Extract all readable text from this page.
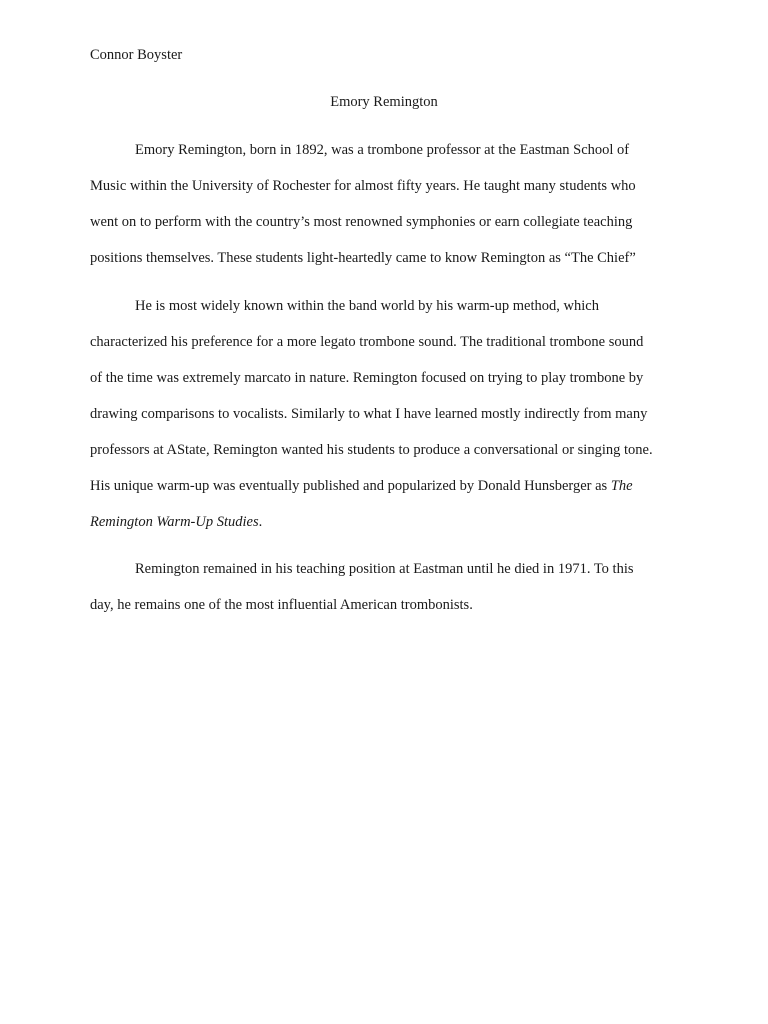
Connor Boyster
Emory Remington
Emory Remington, born in 1892, was a trombone professor at the Eastman School of
Music within the University of Rochester for almost fifty years. He taught many students who
went on to perform with the country’s most renowned symphonies or earn collegiate teaching
positions themselves. These students light-heartedly came to know Remington as “The Chief”
He is most widely known within the band world by his warm-up method, which
characterized his preference for a more legato trombone sound. The traditional trombone sound
of the time was extremely marcato in nature. Remington focused on trying to play trombone by
drawing comparisons to vocalists. Similarly to what I have learned mostly indirectly from many
professors at AState, Remington wanted his students to produce a conversational or singing tone.
His unique warm-up was eventually published and popularized by Donald Hunsberger as The
Remington Warm-Up Studies.
Remington remained in his teaching position at Eastman until he died in 1971. To this
day, he remains one of the most influential American trombonists.
